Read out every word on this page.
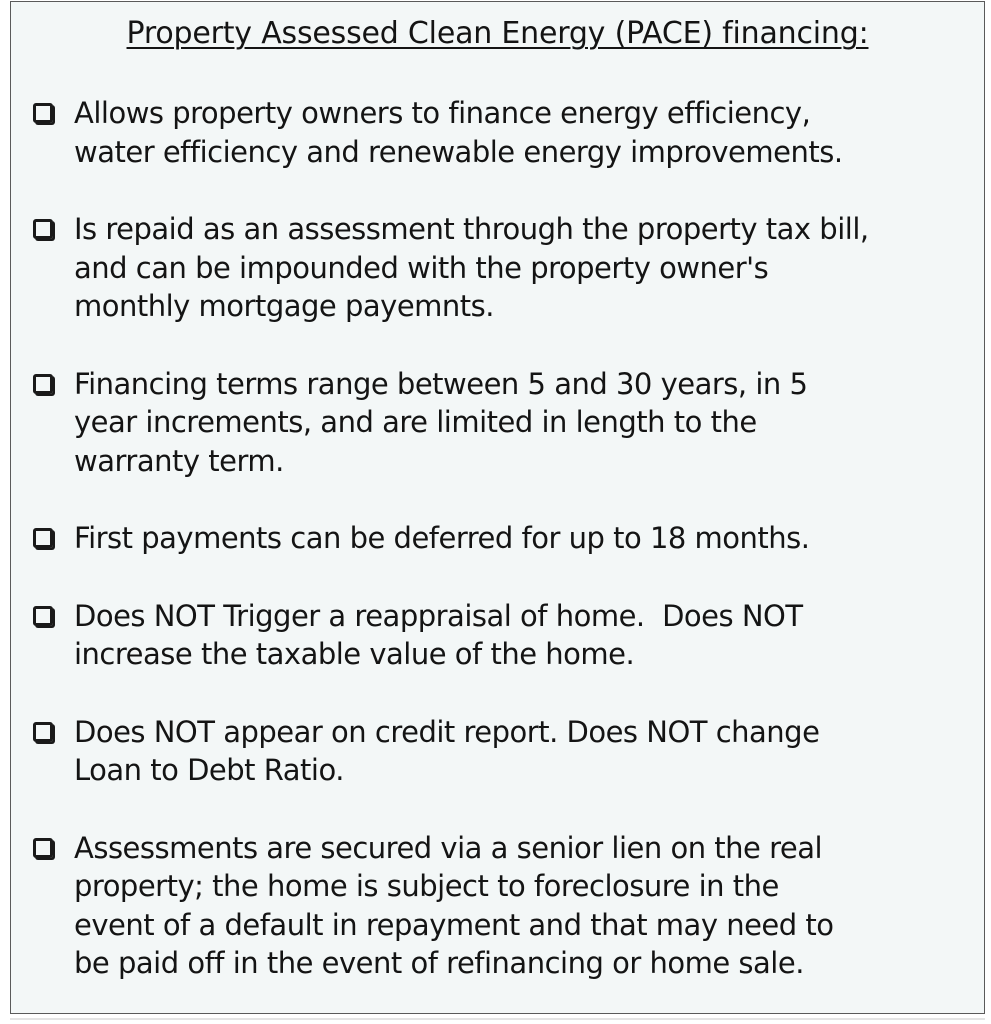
Property Assessed Clean Energy (PACE) financing:
Allows property owners to finance energy efficiency,
water efficiency and renewable energy improvements.
Is repaid as an assessment through the property tax bill,
and can be impounded with the property owner's
monthly mortgage payemnts.
Financing terms range between 5 and 30 years, in 5
year increments, and are limited in length to the
warranty term.
First payments can be deferred for up to 18 months.
Does NOT Trigger a reappraisal of home.  Does NOT
increase the taxable value of the home.
Does NOT appear on credit report. Does NOT change
Loan to Debt Ratio.
Assessments are secured via a senior lien on the real
property; the home is subject to foreclosure in the
event of a default in repayment and that may need to
be paid off in the event of refinancing or home sale.
